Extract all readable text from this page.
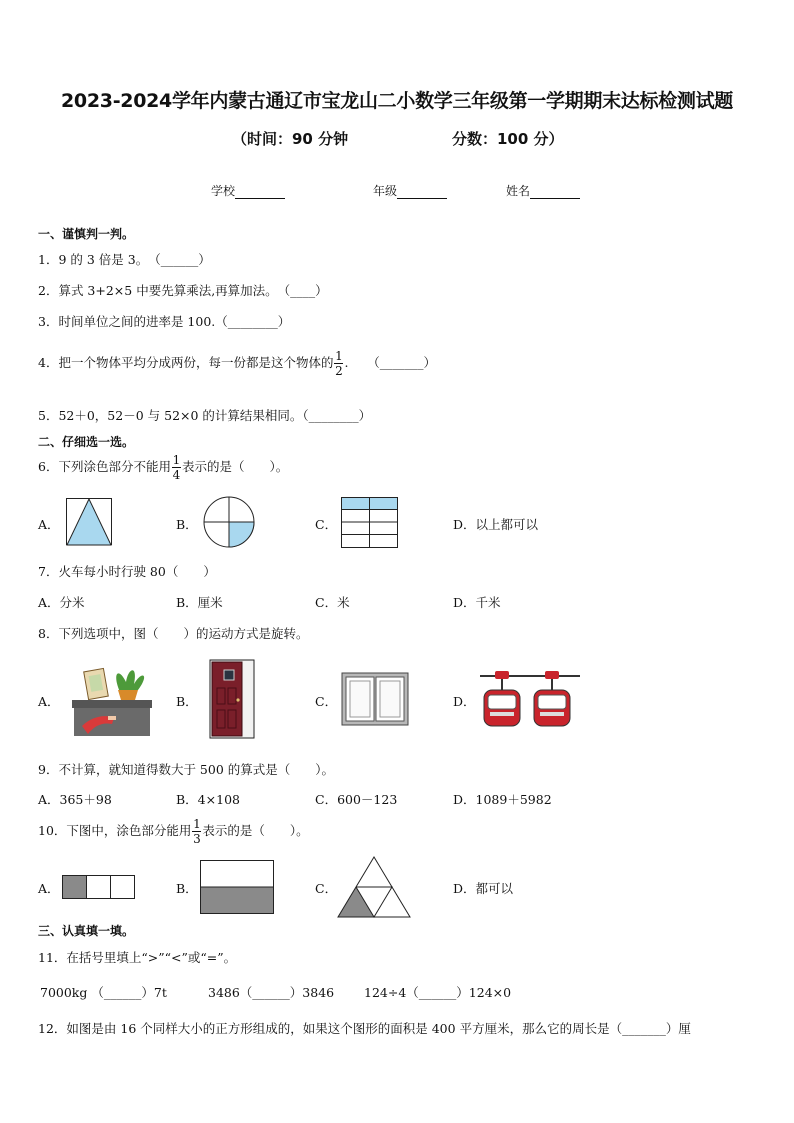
2023-2024学年内蒙古通辽市宝龙山二小数学三年级第一学期期末达标检测试题
（时间：90 分钟	分数：100 分）
学校	年级	姓名
一、谨慎判一判。
1．9 的 3 倍是 3。　（______）
2．算式 3+2×5 中要先算乘法,再算加法。　（____）
3．时间单位之间的进率是 100.（________）
4．把一个物体平均分成两份，每一份都是这个物体的 $\frac{1}{2}$ .　　（_______）
5．52＋0，52－0 与 52×0 的计算结果相同。（________）
二、仔细选一选。
6．下列涂色部分不能用 $\frac{1}{4}$ 表示的是（　　）。
A．	B．	C．	D．以上都可以
7．火车每小时行驶 80（　　）
A．分米	B．厘米	C．米	D．千米
8．下列选项中，图（　　）的运动方式是旋转。
A．	B．	C．	D．
9．不计算，就知道得数大于 500 的算式是（　　）。
A．365＋98	B．4×108	C．600－123	D．1089＋5982
10．下图中，涂色部分能用 $\frac{1}{3}$ 表示的是（　　）。
A．	B．	C．	D．都可以
三、认真填一填。
11．在括号里填上“>”“<”或“=”。
7000kg （______）7t	3486（______）3846 124÷4（______）124×0
12．如图是由 16 个同样大小的正方形组成的，如果这个图形的面积是 400 平方厘米，那么它的周长是（_______）厘
